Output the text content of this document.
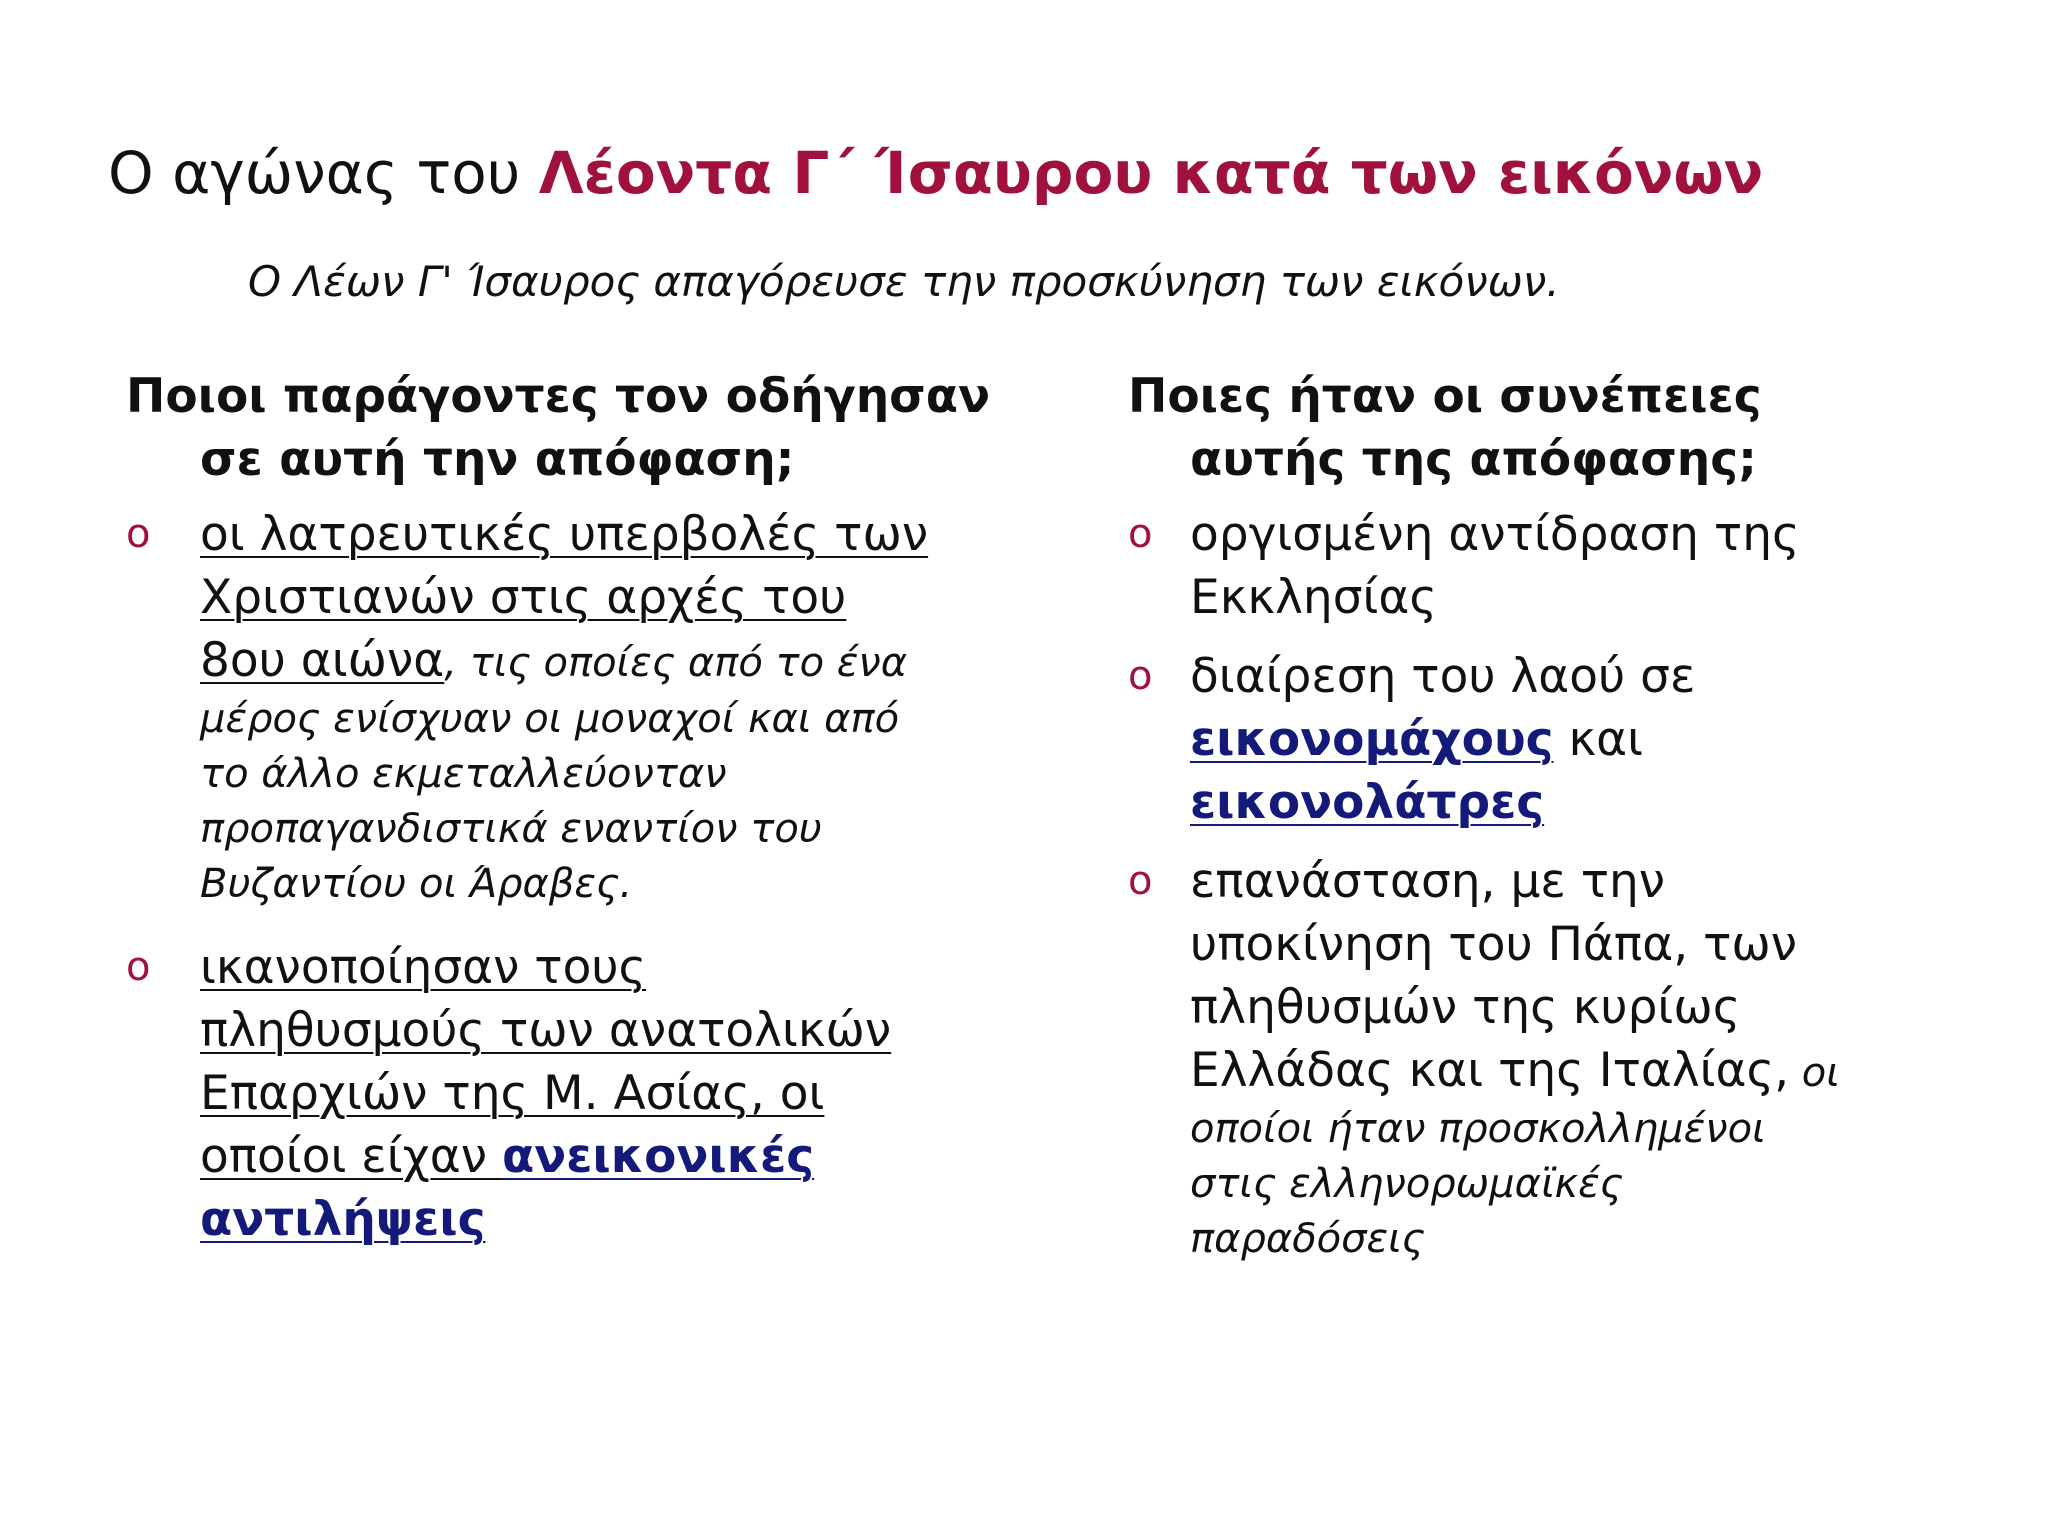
Ο αγώνας του Λέοντα Γ΄ Ίσαυρου κατά των εικόνων
Ο Λέων Γ' Ίσαυρος απαγόρευσε την προσκύνηση των εικόνων.
Ποιοι παράγοντες τον οδήγησαν
σε αυτή την απόφαση;
o οι λατρευτικές υπερβολές των
Χριστιανών στις αρχές του
8ου αιώνα, τις οποίες από το ένα
μέρος ενίσχυαν οι μοναχοί και από
το άλλο εκμεταλλεύονταν
προπαγανδιστικά εναντίον του
Βυζαντίου οι Άραβες.
o ικανοποίησαν τους
πληθυσμούς των ανατολικών
Επαρχιών της Μ. Ασίας, οι
οποίοι είχαν ανεικονικές
αντιλήψεις
Ποιες ήταν οι συνέπειες
αυτής της απόφασης;
o οργισμένη αντίδραση της
Εκκλησίας
o διαίρεση του λαού σε
εικονομάχους και
εικονολάτρες
o επανάσταση, με την
υποκίνηση του Πάπα, των
πληθυσμών της κυρίως
Ελλάδας και της Ιταλίας, οι
οποίοι ήταν προσκολλημένοι
στις ελληνορωμαϊκές
παραδόσεις
